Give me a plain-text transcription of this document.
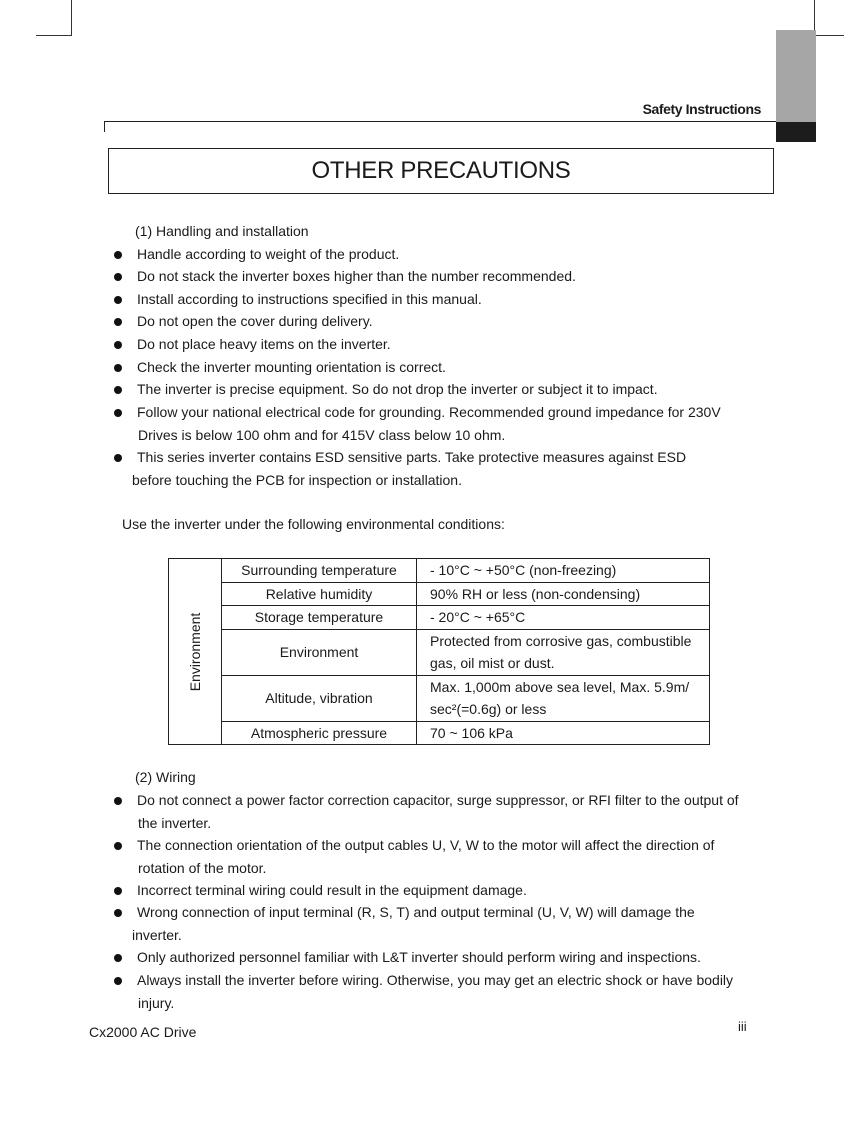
Safety Instructions
OTHER PRECAUTIONS
(1) Handling and installation
Handle according to weight of the product.
Do not stack the inverter boxes higher than the number recommended.
Install according to instructions specified in this manual.
Do not open the cover during delivery.
Do not place heavy items on the inverter.
Check the inverter mounting orientation is correct.
The inverter is precise equipment. So do not drop the inverter or subject it to impact.
Follow your national electrical code for grounding. Recommended ground impedance for 230V
Drives is below 100 ohm and for 415V class below 10 ohm.
This series inverter contains ESD sensitive parts. Take protective measures against ESD
before touching the PCB for inspection or installation.
Use the inverter under the following environmental conditions:
Environment	Surrounding temperature	- 10°C ~ +50°C (non-freezing)
	Relative humidity	90% RH or less (non-condensing)
	Storage temperature	- 20°C ~ +65°C
	Environment	Protected from corrosive gas, combustible
gas, oil mist or dust.

	Altitude, vibration	Max. 1,000m above sea level, Max. 5.9m/
sec²(=0.6g) or less

	Atmospheric pressure	70 ~ 106 kPa
(2) Wiring
Do not connect a power factor correction capacitor, surge suppressor, or RFI filter to the output of
the inverter.
The connection orientation of the output cables U, V, W to the motor will affect the direction of
rotation of the motor.
Incorrect terminal wiring could result in the equipment damage.
Wrong connection of input terminal (R, S, T) and output terminal (U, V, W) will damage the
inverter.
Only authorized personnel familiar with L&T inverter should perform wiring and inspections.
Always install the inverter before wiring. Otherwise, you may get an electric shock or have bodily
injury.
Cx2000 AC Drive	iii
